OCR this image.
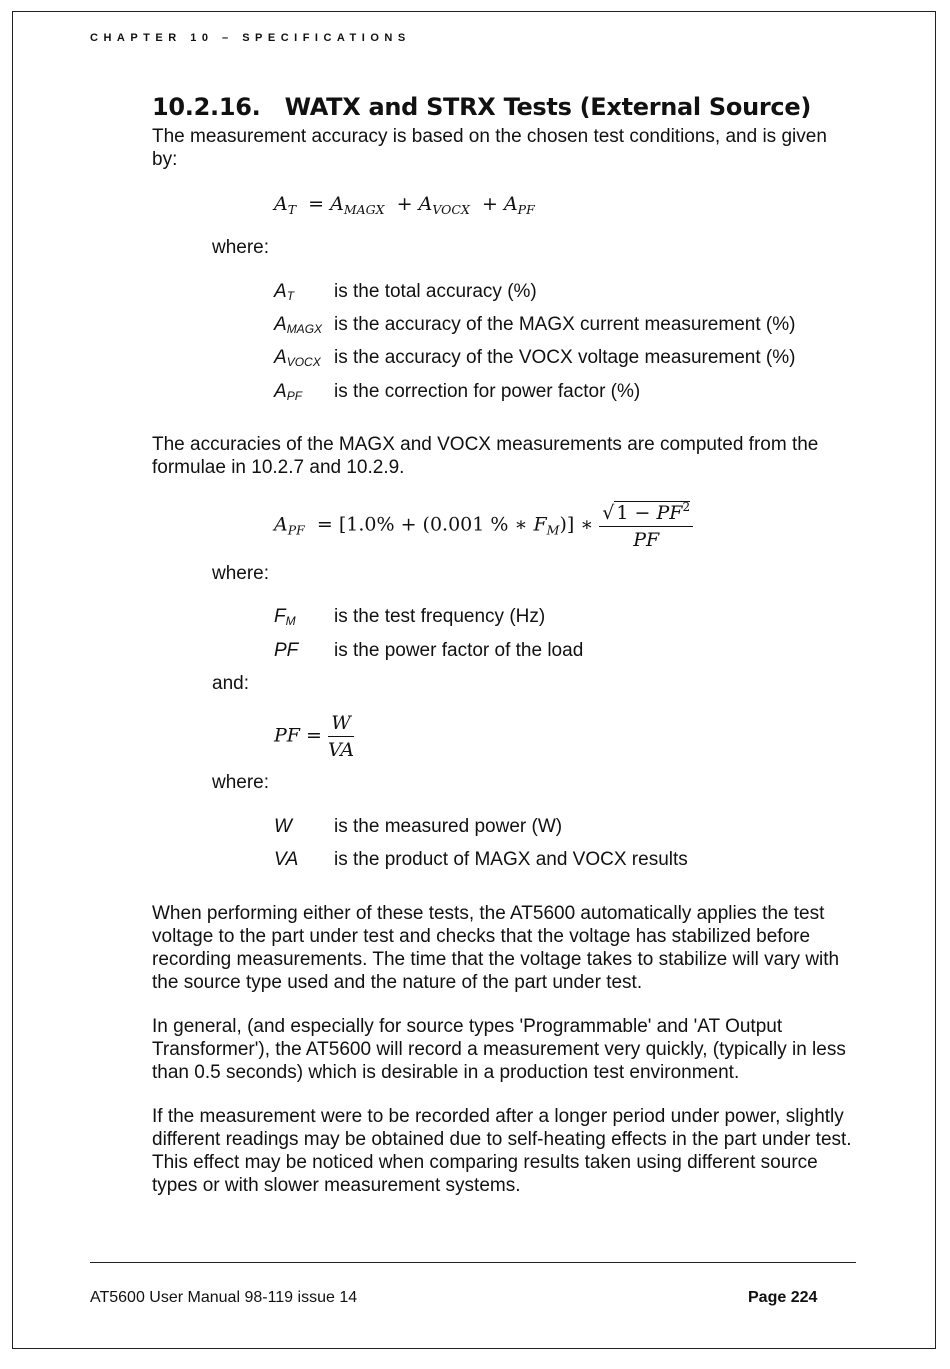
CHAPTER 10 – SPECIFICATIONS
10.2.16.   WATX and STRX Tests (External Source)
The measurement accuracy is based on the chosen test conditions, and is given by:
$A_T = A_{MAGX} + A_{VOCX} + A_{PF}$
where:
AT is the total accuracy (%)
AMAGX is the accuracy of the MAGX current measurement (%)
AVOCX is the accuracy of the VOCX voltage measurement (%)
APF is the correction for power factor (%)
The accuracies of the MAGX and VOCX measurements are computed from the formulae in 10.2.7 and 10.2.9.
$A_{PF} = [1.0\% + (0.001$ % ∗ $F_M$)] ∗ $\frac{√ 1 - PF^2}{PF}$
where:
FM is the test frequency (Hz)
PF is the power factor of the load
and:
PF = $\frac{W}{VA}$
where:
W is the measured power (W)
VA is the product of MAGX and VOCX results
When performing either of these tests, the AT5600 automatically applies the test voltage to the part under test and checks that the voltage has stabilized before recording measurements. The time that the voltage takes to stabilize will vary with the source type used and the nature of the part under test.
In general, (and especially for source types 'Programmable' and 'AT Output Transformer'), the AT5600 will record a measurement very quickly, (typically in less than 0.5 seconds) which is desirable in a production test environment.
If the measurement were to be recorded after a longer period under power, slightly different readings may be obtained due to self-heating effects in the part under test. This effect may be noticed when comparing results taken using different source types or with slower measurement systems.
AT5600 User Manual 98-119 issue 14	Page 224
